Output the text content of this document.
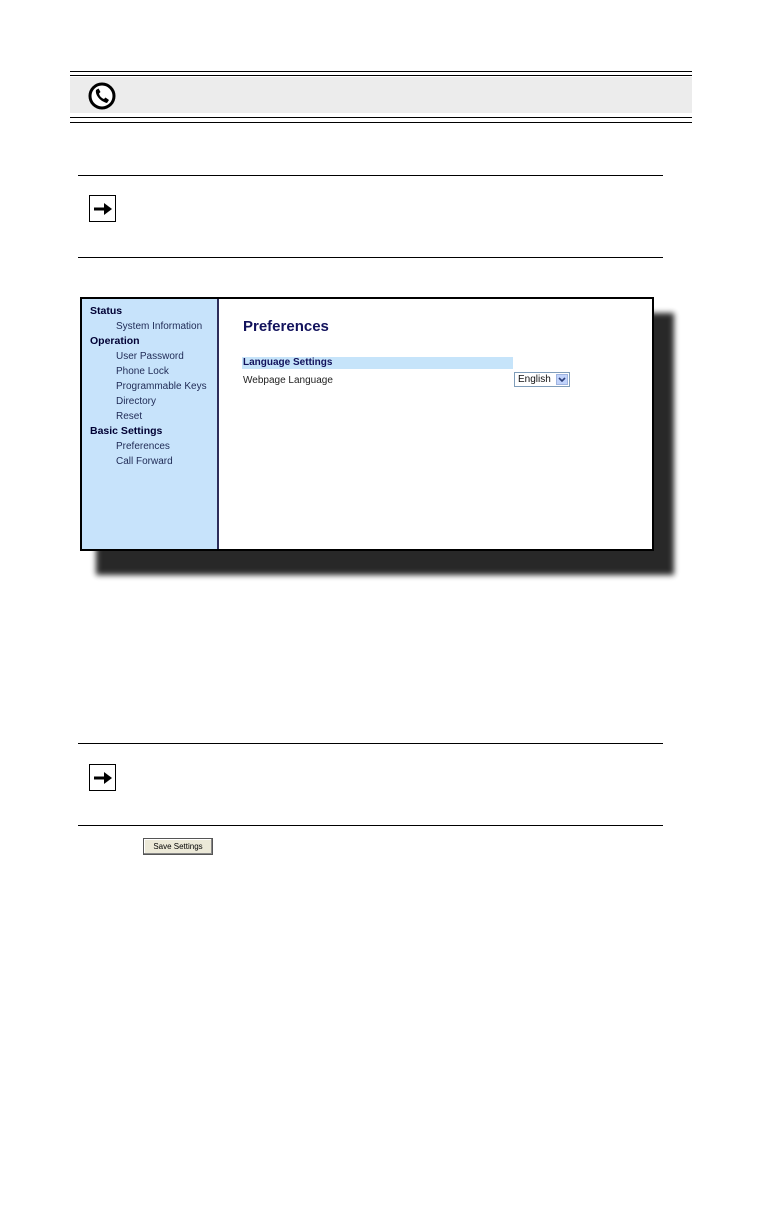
Status
System Information
Operation
User Password
Phone Lock
Programmable Keys
Directory
Reset
Basic Settings
Preferences
Call Forward
Preferences
Language Settings
Webpage Language	English
Save Settings
